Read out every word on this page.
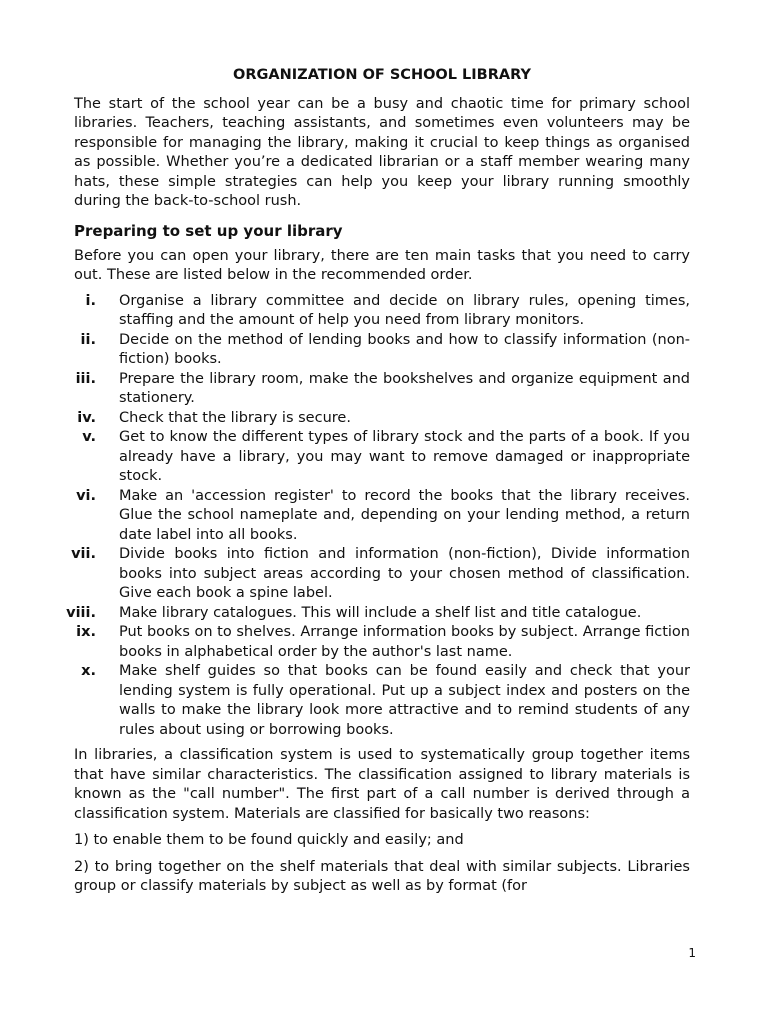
ORGANIZATION OF SCHOOL LIBRARY

The start of the school year can be a busy and chaotic time for primary school libraries. Teachers, teaching assistants, and sometimes even volunteers may be responsible for managing the library, making it crucial to keep things as organised as possible. Whether you’re a dedicated librarian or a staff member wearing many hats, these simple strategies can help you keep your library running smoothly during the back-to-school rush.

Preparing to set up your library

Before you can open your library, there are ten main tasks that you need to carry out. These are listed below in the recommended order.

i. Organise a library committee and decide on library rules, opening times, staffing and the amount of help you need from library monitors.
ii. Decide on the method of lending books and how to classify information (non-fiction) books.
iii. Prepare the library room, make the bookshelves and organize equipment and stationery.
iv. Check that the library is secure.
v. Get to know the different types of library stock and the parts of a book. If you already have a library, you may want to remove damaged or inappropriate stock.
vi. Make an 'accession register' to record the books that the library receives. Glue the school nameplate and, depending on your lending method, a return date label into all books.
vii. Divide books into fiction and information (non-fiction), Divide information books into subject areas according to your chosen method of classification. Give each book a spine label.
viii. Make library catalogues. This will include a shelf list and title catalogue.
ix. Put books on to shelves. Arrange information books by subject. Arrange fiction books in alphabetical order by the author's last name.
x. Make shelf guides so that books can be found easily and check that your lending system is fully operational. Put up a subject index and posters on the walls to make the library look more attractive and to remind students of any rules about using or borrowing books.

In libraries, a classification system is used to systematically group together items that have similar characteristics. The classification assigned to library materials is known as the "call number". The first part of a call number is derived through a classification system. Materials are classified for basically two reasons:

1) to enable them to be found quickly and easily; and

2) to bring together on the shelf materials that deal with similar subjects. Libraries group or classify materials by subject as well as by format (for

1
